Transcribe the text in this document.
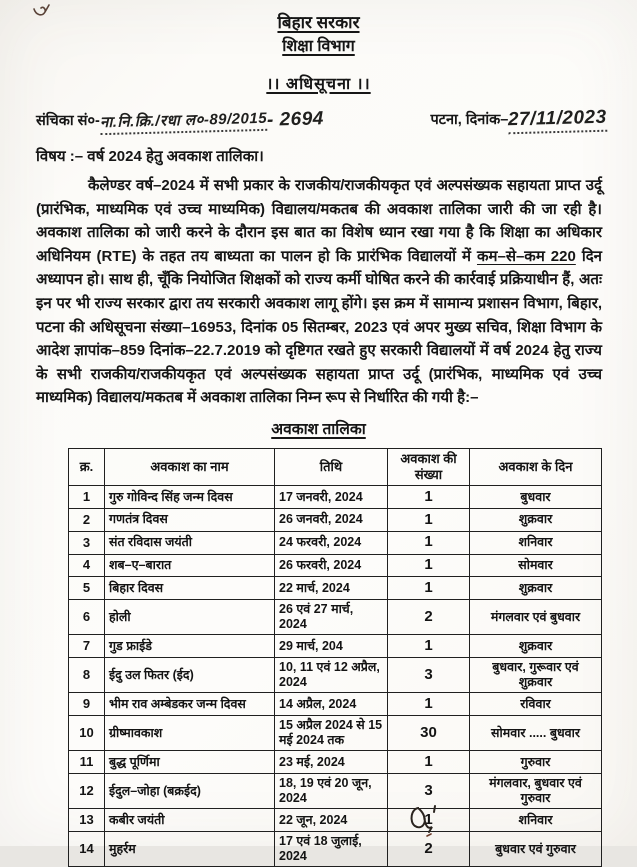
बिहार सरकार
शिक्षा विभाग
।। अधिसूचना ।।
संचिका सं०-ना.नि.क्रि./रधा ल०-89/2015- 2694	पटना, दिनांक–27/11/2023
विषय :– वर्ष 2024 हेतु अवकाश तालिका।
कैलेण्डर वर्ष–2024 में सभी प्रकार के राजकीय/राजकीयकृत एवं अल्पसंख्यक सहायता प्राप्त उर्दू (प्रारंभिक, माध्यमिक एवं उच्च माध्यमिक) विद्यालय/मकतब की अवकाश तालिका जारी की जा रही है। अवकाश तालिका को जारी करने के दौरान इस बात का विशेष ध्यान रखा गया है कि शिक्षा का अधिकार अधिनियम (RTE) के तहत तय बाध्यता का पालन हो कि प्रारंभिक विद्यालयों में कम–से–कम 220 दिन अध्यापन हो। साथ ही, चूँकि नियोजित शिक्षकों को राज्य कर्मी घोषित करने की कार्रवाई प्रक्रियाधीन हैं, अतः इन पर भी राज्य सरकार द्वारा तय सरकारी अवकाश लागू होंगे। इस क्रम में सामान्य प्रशासन विभाग, बिहार, पटना की अधिसूचना संख्या–16953, दिनांक 05 सितम्बर, 2023 एवं अपर मुख्य सचिव, शिक्षा विभाग के आदेश ज्ञापांक–859 दिनांक–22.7.2019 को दृष्टिगत रखते हुए सरकारी विद्यालयों में वर्ष 2024 हेतु राज्य के सभी राजकीय/राजकीयकृत एवं अल्पसंख्यक सहायता प्राप्त उर्दू (प्रारंभिक, माध्यमिक एवं उच्च माध्यमिक) विद्यालय/मकतब में अवकाश तालिका निम्न रूप से निर्धारित की गयी है:–
अवकाश तालिका
क्र.	अवकाश का नाम	तिथि	अवकाश की संख्या	अवकाश के दिन
1	गुरु गोविन्द सिंह जन्म दिवस	17 जनवरी, 2024	1	बुधवार
2	गणतंत्र दिवस	26 जनवरी, 2024	1	शुक्रवार
3	संत रविदास जयंती	24 फरवरी, 2024	1	शनिवार
4	शब–ए–बारात	26 फरवरी, 2024	1	सोमवार
5	बिहार दिवस	22 मार्च, 2024	1	शुक्रवार
6	होली	26 एवं 27 मार्च, 2024	2	मंगलवार एवं बुधवार
7	गुड फ्राईडे	29 मार्च, 204	1	शुक्रवार
8	ईदु उल फितर (ईद)	10, 11 एवं 12 अप्रैल, 2024	3	बुधवार, गुरूवार एवं शुक्रवार
9	भीम राव अम्बेडकर जन्म दिवस	14 अप्रैल, 2024	1	रविवार
10	ग्रीष्मावकाश	15 अप्रैल 2024 से 15 मई 2024 तक	30	सोमवार ..... बुधवार
11	बुद्ध पूर्णिमा	23 मई, 2024	1	गुरुवार
12	ईदुल–जोहा (बक्रईद)	18, 19 एवं 20 जून, 2024	3	मंगलवार, बुधवार एवं गुरुवार
13	कबीर जयंती	22 जून, 2024	1	शनिवार
14	मुहर्रम	17 एवं 18 जुलाई, 2024	2	बुधवार एवं गुरुवार
